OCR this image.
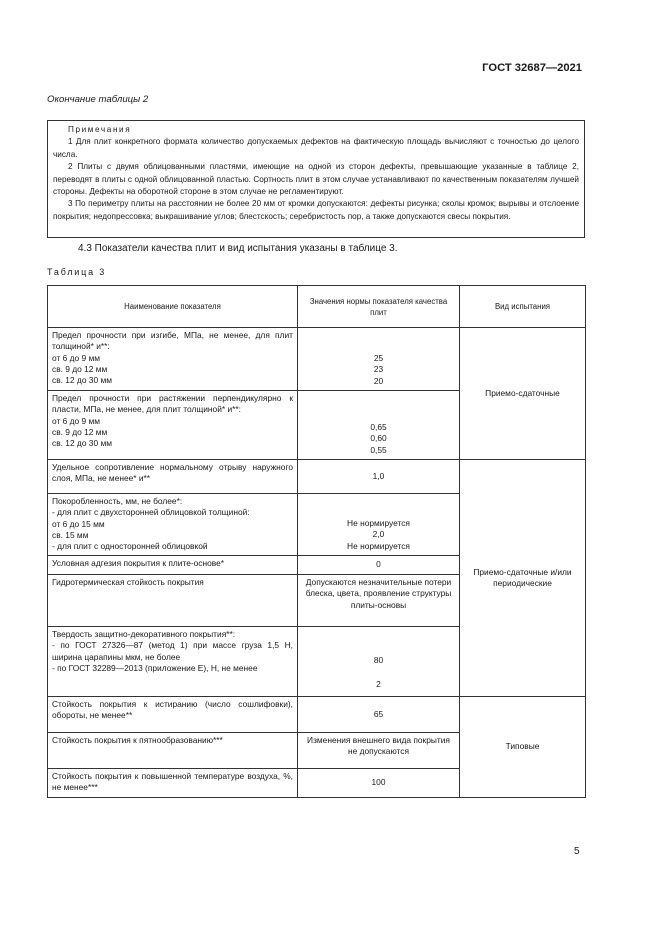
ГОСТ 32687—2021
Окончание таблицы 2

Примечания

1 Для плит конкретного формата количество допускаемых дефектов на фактическую площадь вычисляют с точностью до целого числа.

2 Плиты с двумя облицованными пластями, имеющие на одной из сторон дефекты, превышающие указанные в таблице 2, переводят в плиты с одной облицованной пластью. Сортность плит в этом случае устанавливают по качественным показателям лучшей стороны. Дефекты на оборотной стороне в этом случае не регламентируют.

3 По периметру плиты на расстоянии не более 20 мм от кромки допускаются: дефекты рисунка; сколы кромок; вырывы и отслоение покрытия; недопрессовка; выкрашивание углов; блестскость; серебристость пор, а также допускаются свесы покрытия.

4.3 Показатели качества плит и вид испытания указаны в таблице 3.
Таблица 3
Наименование показателя	Значения нормы показателя качества плит	Вид испытания

Предел прочности при изгибе, МПа, не менее, для плит толщиной* и**:
от 6 до 9 мм
св. 9 до 12 мм
св. 12 до 30 мм	25
23
20	Приемо-сдаточные

Предел прочности при растяжении перпендикулярно к пласти, МПа, не менее, для плит толщиной* и**:
от 6 до 9 мм
св. 9 до 12 мм
св. 12 до 30 мм	0,65
0,60
0,55	

Удельное сопротивление нормальному отрыву наружного слоя, МПа, не менее* и**	1,0	Приемо-сдаточные и/или периодические

Покоробленность, мм, не более*:
- для плит с двухсторонней облицовкой толщиной:
от 6 до 15 мм
св. 15 мм
- для плит с односторонней облицовкой	Не нормируется
2,0
Не нормируется	

Условная адгезия покрытия к плите-основе*	0	
Гидротермическая стойкость покрытия	Допускаются незначительные потери блеска, цвета, проявление структуры плиты-основы	

Твердость защитно-декоративного покрытия**:
- по ГОСТ 27326—87 (метод 1) при массе груза 1,5 Н, ширина царапины мкм, не более
- по ГОСТ 32289—2013 (приложение Е), Н, не менее	80
2	

Стойкость покрытия к истиранию (число сошлифовки), обороты, не менее**	65	Типовые
Стойкость покрытия к пятнообразованию***	Изменения внешнего вида покрытия не допускаются	
Стойкость покрытия к повышенной температуре воздуха, %, не менее***	100	
5
